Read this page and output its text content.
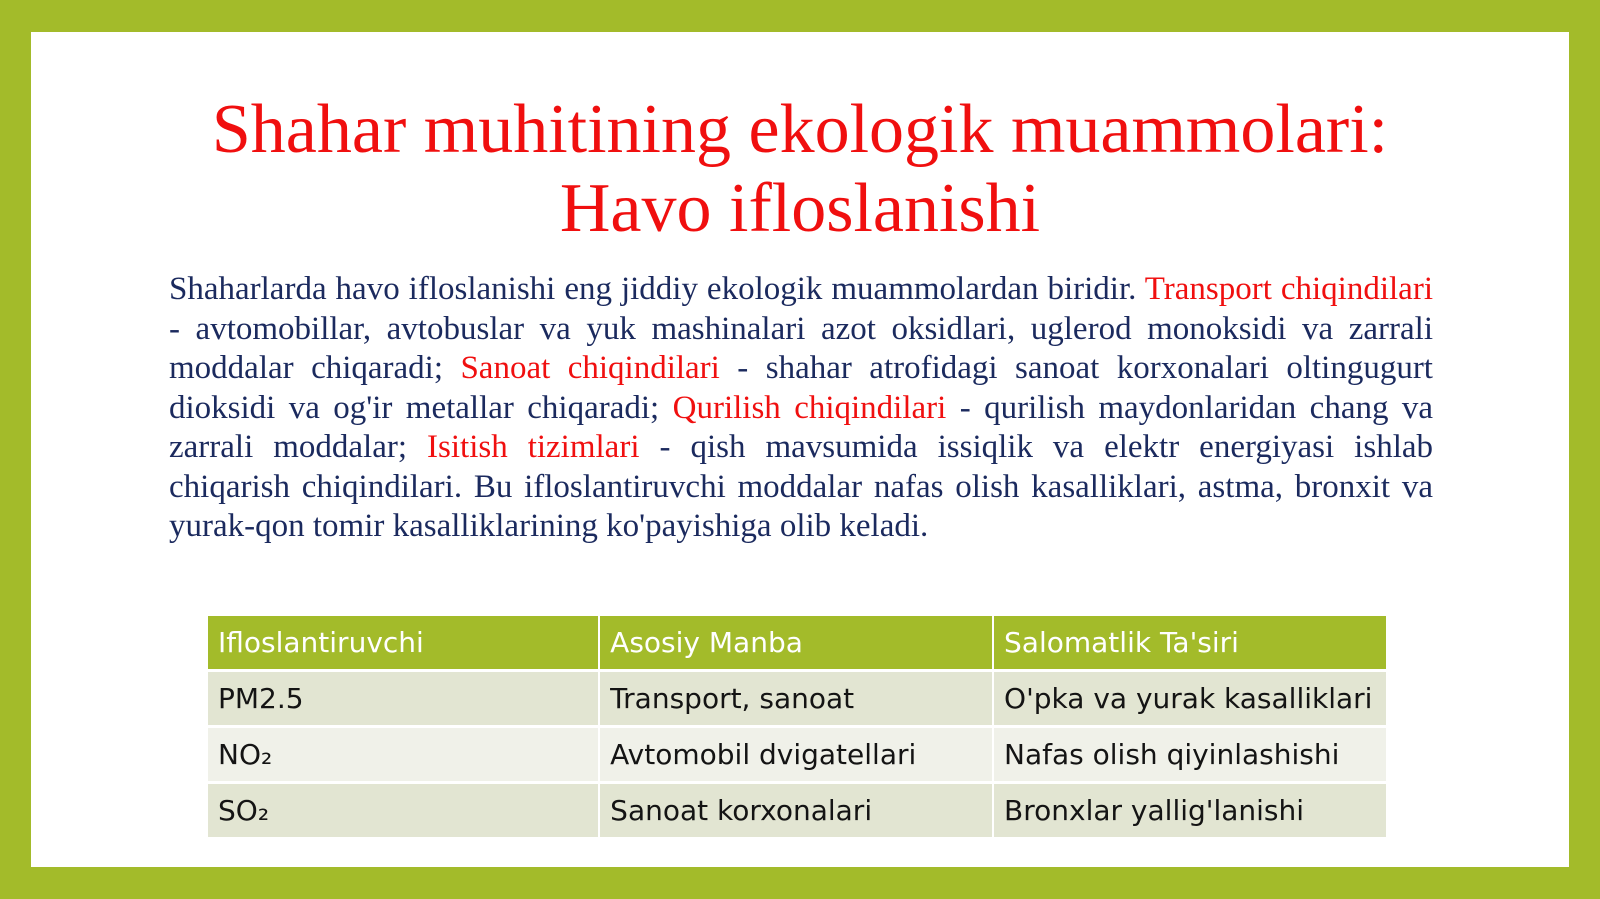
Shahar muhitining ekologik muammolari:
Havo ifloslanishi

Shaharlarda havo ifloslanishi eng jiddiy ekologik muammolardan biridir. Transport chiqindilari - avtomobillar, avtobuslar va yuk mashinalari azot oksidlari, uglerod monoksidi va zarrali moddalar chiqaradi; Sanoat chiqindilari - shahar atrofidagi sanoat korxonalari oltingugurt dioksidi va og'ir metallar chiqaradi; Qurilish chiqindilari - qurilish maydonlaridan chang va zarrali moddalar; Isitish tizimlari - qish mavsumida issiqlik va elektr energiyasi ishlab chiqarish chiqindilari. Bu ifloslantiruvchi moddalar nafas olish kasalliklari, astma, bronxit va yurak-qon tomir kasalliklarining ko'payishiga olib keladi.

Ifloslantiruvchi	Asosiy Manba	Salomatlik Ta'siri
PM2.5	Transport, sanoat	O'pka va yurak kasalliklari
NO₂	Avtomobil dvigatellari	Nafas olish qiyinlashishi
SO₂	Sanoat korxonalari	Bronxlar yallig'lanishi
